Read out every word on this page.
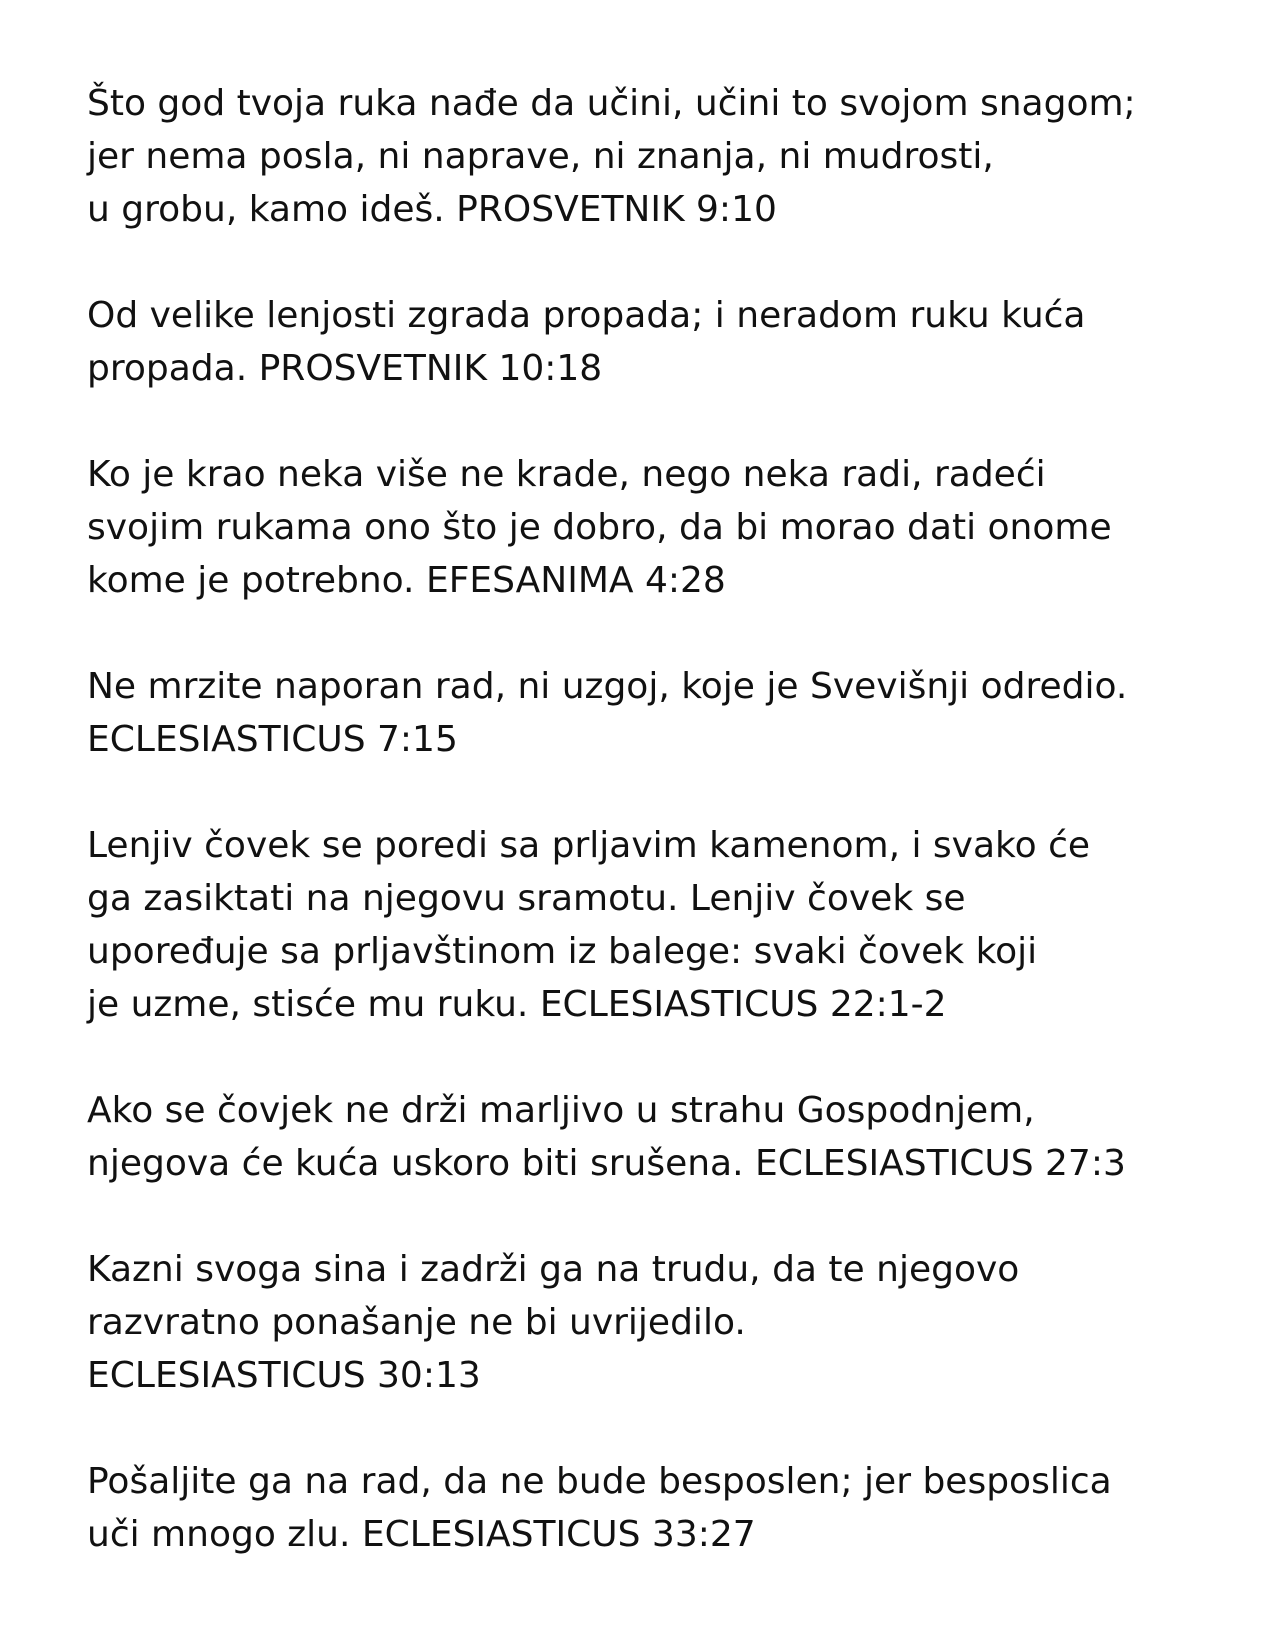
Što god tvoja ruka nađe da učini, učini to svojom snagom;
jer nema posla, ni naprave, ni znanja, ni mudrosti,
u grobu, kamo ideš. PROSVETNIK 9:10

Od velike lenjosti zgrada propada; i neradom ruku kuća
propada. PROSVETNIK 10:18

Ko je krao neka više ne krade, nego neka radi, radeći
svojim rukama ono što je dobro, da bi morao dati onome
kome je potrebno. EFESANIMA 4:28

Ne mrzite naporan rad, ni uzgoj, koje je Svevišnji odredio.
ECLESIASTICUS 7:15

Lenjiv čovek se poredi sa prljavim kamenom, i svako će
ga zasiktati na njegovu sramotu. Lenjiv čovek se
upoređuje sa prljavštinom iz balege: svaki čovek koji
je uzme, stisće mu ruku. ECLESIASTICUS 22:1-2

Ako se čovjek ne drži marljivo u strahu Gospodnjem,
njegova će kuća uskoro biti srušena. ECLESIASTICUS 27:3

Kazni svoga sina i zadrži ga na trudu, da te njegovo
razvratno ponašanje ne bi uvrijedilo.
ECLESIASTICUS 30:13

Pošaljite ga na rad, da ne bude besposlen; jer besposlica
uči mnogo zlu. ECLESIASTICUS 33:27
